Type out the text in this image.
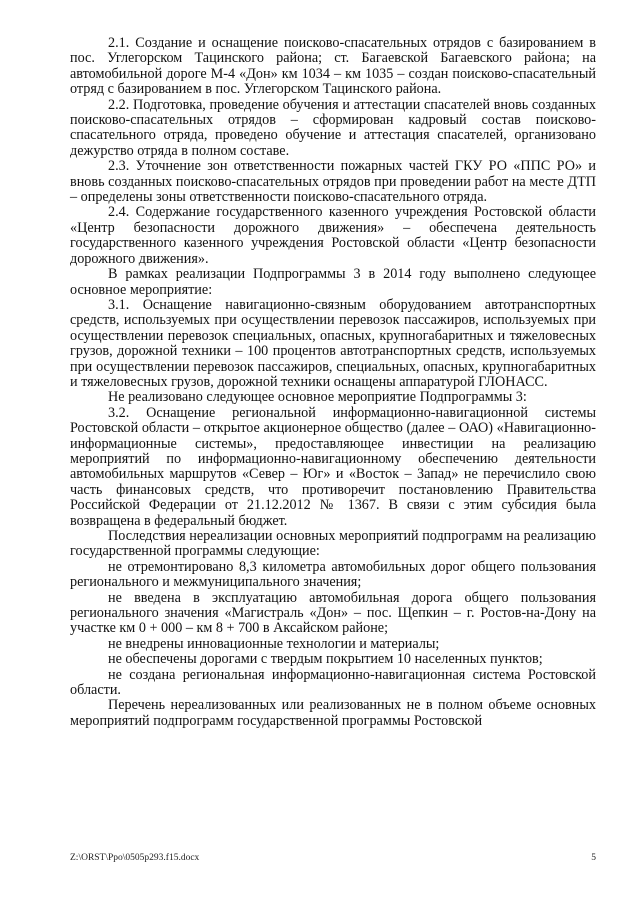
2.1. Создание и оснащение поисково-спасательных отрядов с базированием в пос. Углегорском Тацинского района; ст. Багаевской Багаевского района; на автомобильной дороге М-4 «Дон» км 1034 – км 1035 – создан поисково-спасательный отряд с базированием в пос. Углегорском Тацинского района.

2.2. Подготовка, проведение обучения и аттестации спасателей вновь созданных поисково-спасательных отрядов – сформирован кадровый состав поисково-спасательного отряда, проведено обучение и аттестация спасателей, организовано дежурство отряда в полном составе.

2.3. Уточнение зон ответственности пожарных частей ГКУ РО «ППС РО» и вновь созданных поисково-спасательных отрядов при проведении работ на месте ДТП – определены зоны ответственности поисково-спасательного отряда.

2.4. Содержание государственного казенного учреждения Ростовской области «Центр безопасности дорожного движения» – обеспечена деятельность государственного казенного учреждения Ростовской области «Центр безопасности дорожного движения».

В рамках реализации Подпрограммы 3 в 2014 году выполнено следующее основное мероприятие:

3.1. Оснащение навигационно-связным оборудованием автотранспортных средств, используемых при осуществлении перевозок пассажиров, используемых при осуществлении перевозок специальных, опасных, крупногабаритных и тяжеловесных грузов, дорожной техники – 100 процентов автотранспортных средств, используемых при осуществлении перевозок пассажиров, специальных, опасных, крупногабаритных и тяжеловесных грузов, дорожной техники оснащены аппаратурой ГЛОНАСС.

Не реализовано следующее основное мероприятие Подпрограммы 3:

3.2. Оснащение региональной информационно-навигационной системы Ростовской области – открытое акционерное общество (далее – ОАО) «Навигационно-информационные системы», предоставляющее инвестиции на реализацию мероприятий по информационно-навигационному обеспечению деятельности автомобильных маршрутов «Север – Юг» и «Восток – Запад» не перечислило свою часть финансовых средств, что противоречит постановлению Правительства Российской Федерации от 21.12.2012 № 1367. В связи с этим субсидия была возвращена в федеральный бюджет.

Последствия нереализации основных мероприятий подпрограмм на реализацию государственной программы следующие:

не отремонтировано 8,3 километра автомобильных дорог общего пользования регионального и межмуниципального значения;

не введена в эксплуатацию автомобильная дорога общего пользования регионального значения «Магистраль «Дон» – пос. Щепкин – г. Ростов-на-Дону на участке км 0 + 000 – км 8 + 700 в Аксайском районе;

не внедрены инновационные технологии и материалы;

не обеспечены дорогами с твердым покрытием 10 населенных пунктов;

не создана региональная информационно-навигационная система Ростовской области.

Перечень нереализованных или реализованных не в полном объеме основных мероприятий подпрограмм государственной программы Ростовской

Z:\ORST\Ppo\0505p293.f15.docx	5
